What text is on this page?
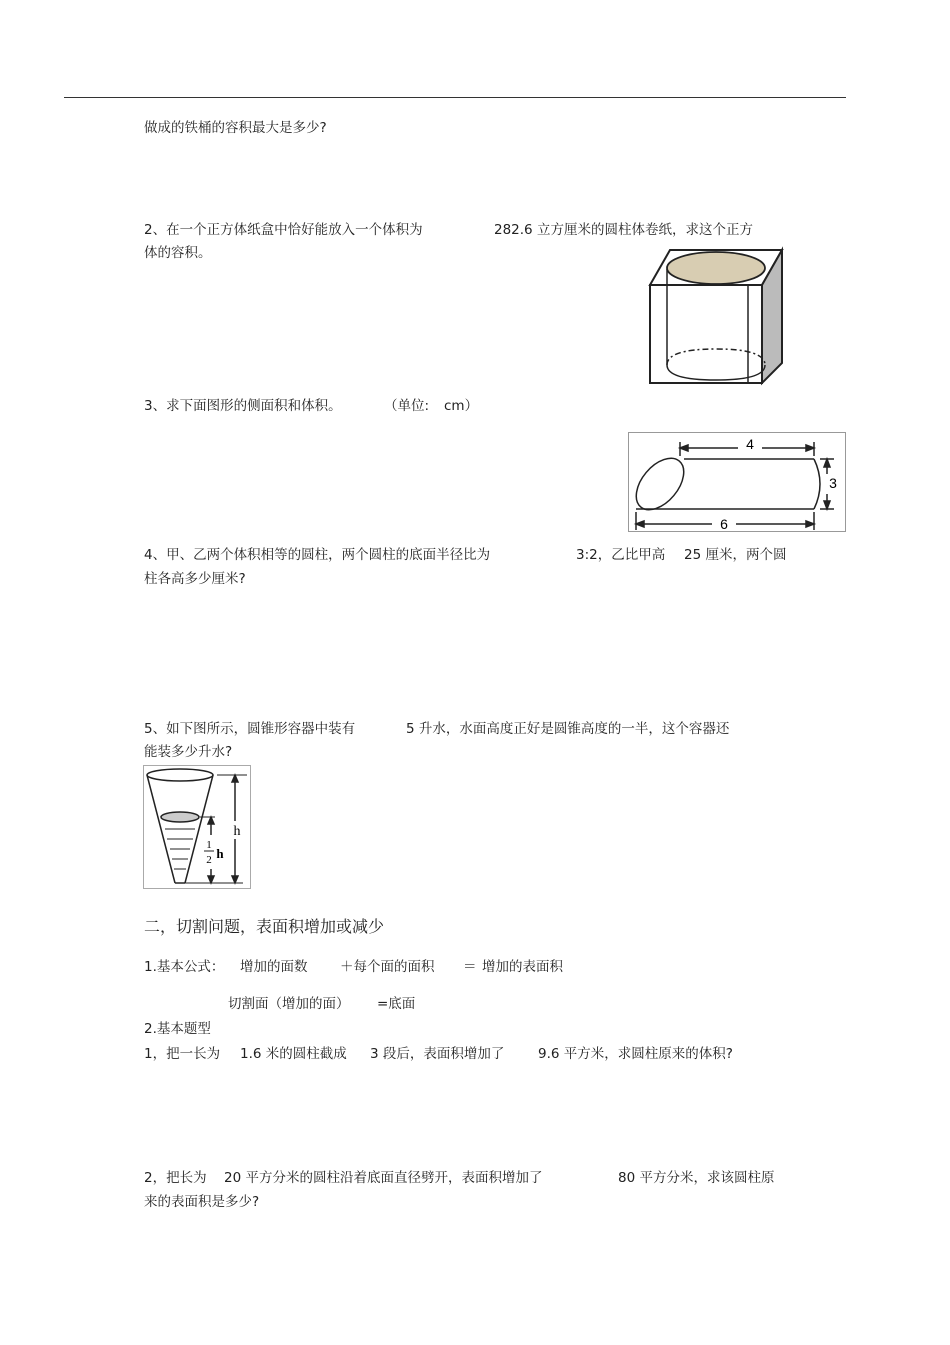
做成的铁桶的容积最大是多少?
2、在一个正方体纸盒中恰好能放入一个体积为	282.6 立方厘米的圆柱体卷纸，求这个正方
体的容积。
3、求下面图形的侧面积和体积。	（单位: cm）
4
3
6
4、甲、乙两个体积相等的圆柱，两个圆柱的底面半径比为	3:2，乙比甲高 25 厘米，两个圆
柱各高多少厘米?
5、如下图所示，圆锥形容器中装有	5 升水，水面高度正好是圆锥高度的一半，这个容器还
能装多少升水?
h
1
2 h
二，切割问题，表面积增加或减少
1.基本公式： 增加的面数 ＋每个面的面积 ＝ 增加的表面积
切割面（增加的面） =底面
2.基本题型
1，把一长为 1.6 米的圆柱截成 3 段后，表面积增加了 9.6 平方米，求圆柱原来的体积?
2，把长为 20 平方分米的圆柱沿着底面直径劈开，表面积增加了	80 平方分米，求该圆柱原
来的表面积是多少?
